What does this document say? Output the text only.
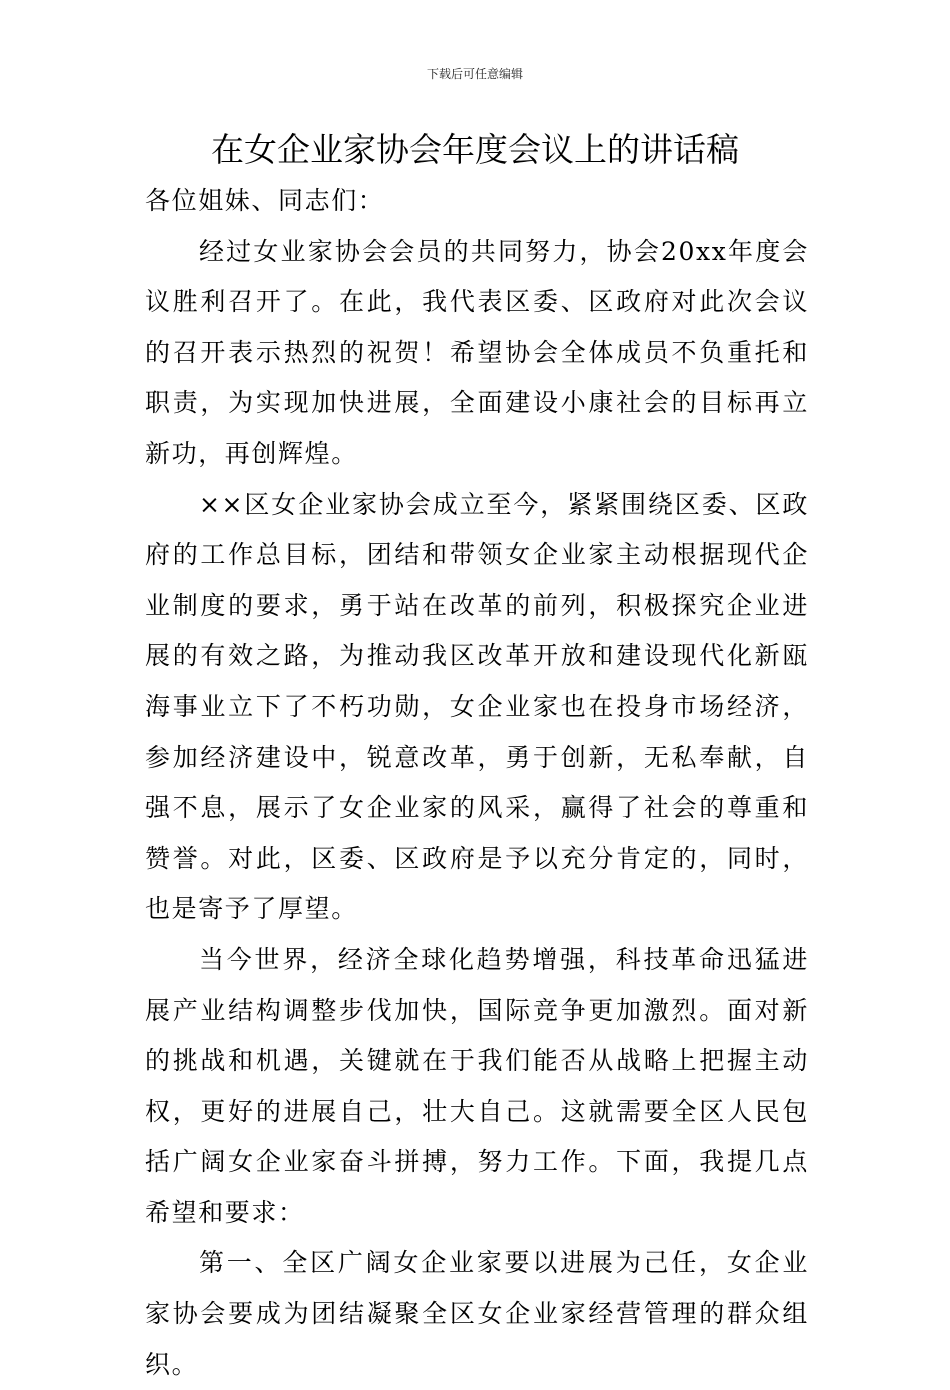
下载后可任意编辑
在女企业家协会年度会议上的讲话稿

各位姐妹、同志们：

经过女业家协会会员的共同努力，协会20xx年度会议胜利召开了。在此，我代表区委、区政府对此次会议的召开表示热烈的祝贺！希望协会全体成员不负重托和职责，为实现加快进展，全面建设小康社会的目标再立新功，再创辉煌。

××区女企业家协会成立至今，紧紧围绕区委、区政府的工作总目标，团结和带领女企业家主动根据现代企业制度的要求，勇于站在改革的前列，积极探究企业进展的有效之路，为推动我区改革开放和建设现代化新瓯海事业立下了不朽功勋，女企业家也在投身市场经济，参加经济建设中，锐意改革，勇于创新，无私奉献，自强不息，展示了女企业家的风采，赢得了社会的尊重和赞誉。对此，区委、区政府是予以充分肯定的，同时，也是寄予了厚望。

当今世界，经济全球化趋势增强，科技革命迅猛进展产业结构调整步伐加快，国际竞争更加激烈。面对新的挑战和机遇，关键就在于我们能否从战略上把握主动权，更好的进展自己，壮大自己。这就需要全区人民包括广阔女企业家奋斗拼搏，努力工作。下面，我提几点希望和要求：

第一、全区广阔女企业家要以进展为己任，女企业家协会要成为团结凝聚全区女企业家经营管理的群众组织。
